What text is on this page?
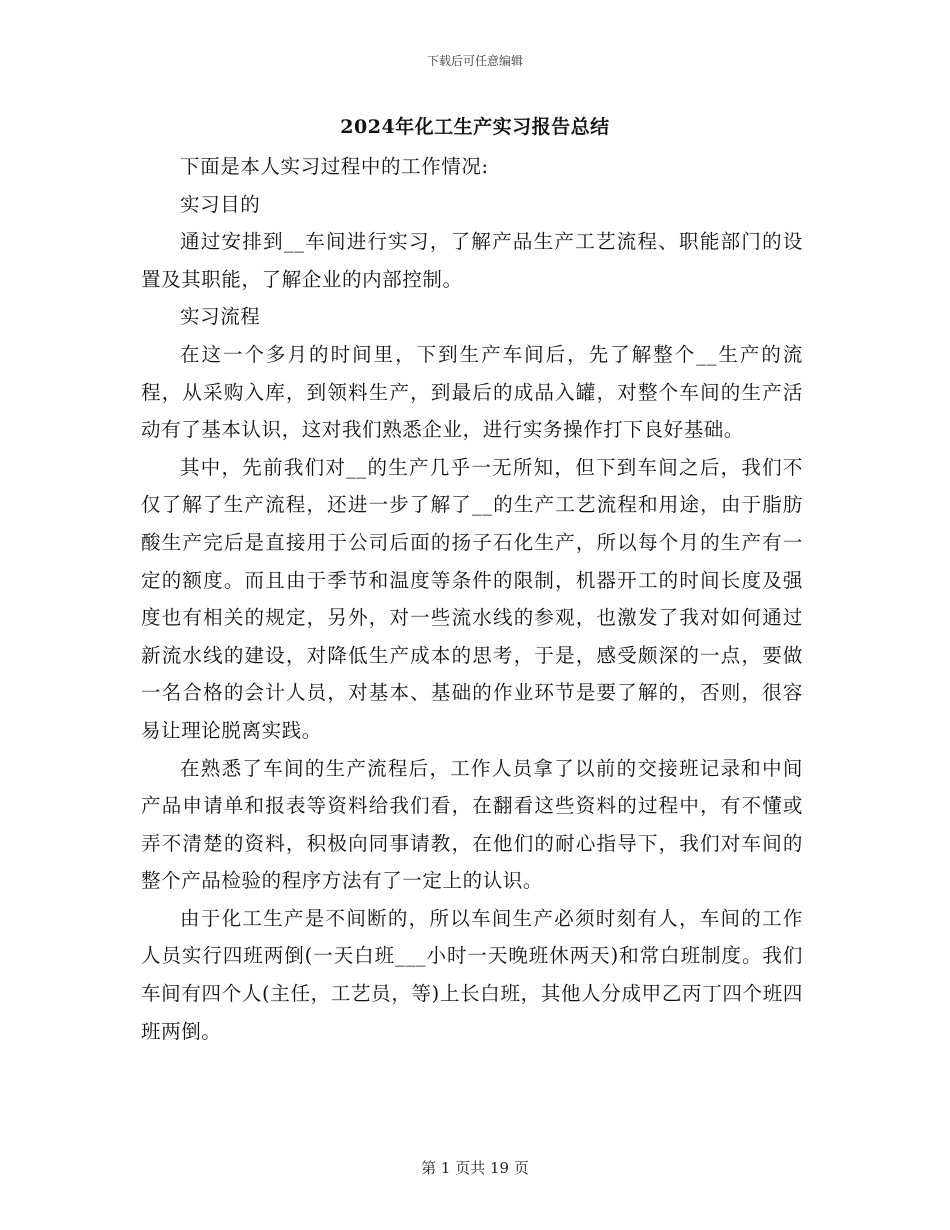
下载后可任意编辑
2024年化工生产实习报告总结

下面是本人实习过程中的工作情况:

实习目的

通过安排到__车间进行实习，了解产品生产工艺流程、职能部门的设置及其职能，了解企业的内部控制。

实习流程

在这一个多月的时间里，下到生产车间后，先了解整个__生产的流程，从采购入库，到领料生产，到最后的成品入罐，对整个车间的生产活动有了基本认识，这对我们熟悉企业，进行实务操作打下良好基础。

其中，先前我们对__的生产几乎一无所知，但下到车间之后，我们不仅了解了生产流程，还进一步了解了__的生产工艺流程和用途，由于脂肪酸生产完后是直接用于公司后面的扬子石化生产，所以每个月的生产有一定的额度。而且由于季节和温度等条件的限制，机器开工的时间长度及强度也有相关的规定，另外，对一些流水线的参观，也激发了我对如何通过新流水线的建设，对降低生产成本的思考，于是，感受颇深的一点，要做一名合格的会计人员，对基本、基础的作业环节是要了解的，否则，很容易让理论脱离实践。

在熟悉了车间的生产流程后，工作人员拿了以前的交接班记录和中间产品申请单和报表等资料给我们看，在翻看这些资料的过程中，有不懂或弄不清楚的资料，积极向同事请教，在他们的耐心指导下，我们对车间的整个产品检验的程序方法有了一定上的认识。

由于化工生产是不间断的，所以车间生产必须时刻有人，车间的工作人员实行四班两倒(一天白班___小时一天晚班休两天)和常白班制度。我们车间有四个人(主任，工艺员，等)上长白班，其他人分成甲乙丙丁四个班四班两倒。

第 1 页共 19 页
